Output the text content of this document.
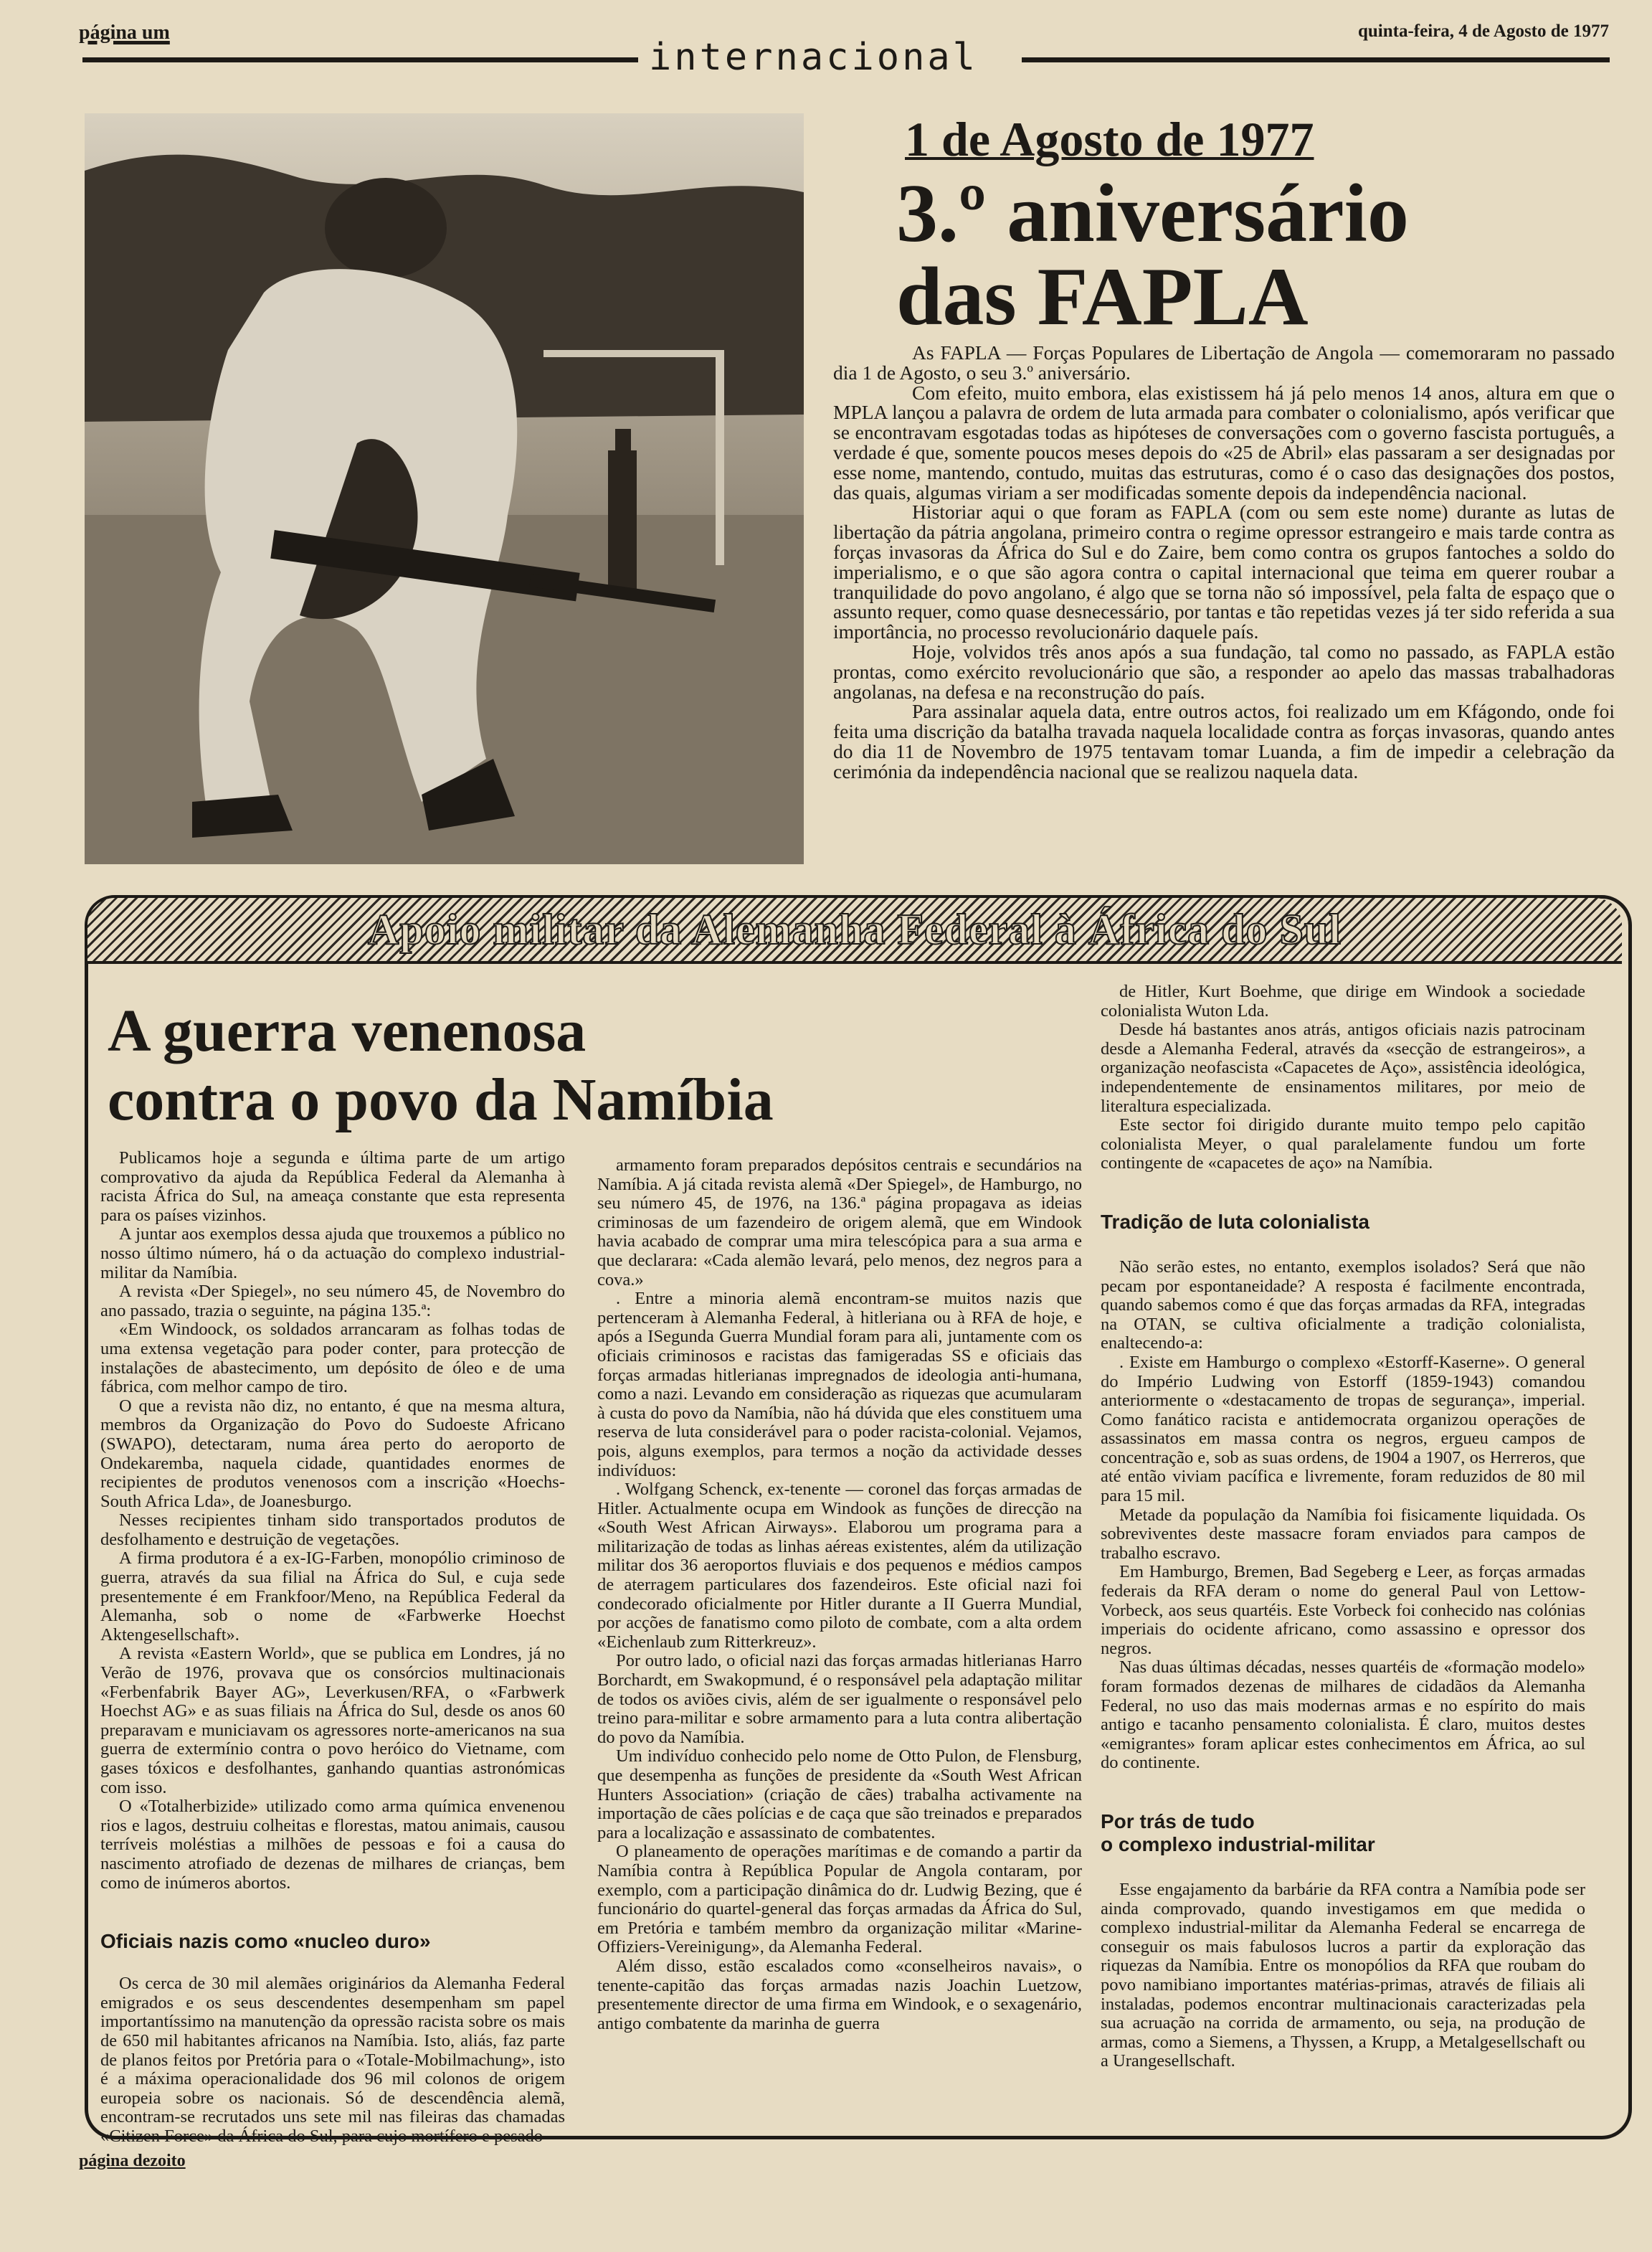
página um
internacional
quinta-feira, 4 de Agosto de 1977
1 de Agosto de 1977
3.º aniversário
das FAPLA

As FAPLA — Forças Populares de Libertação de Angola — comemoraram no passado dia 1 de Agosto, o seu 3.º aniversário.

Com efeito, muito embora, elas existissem há já pelo menos 14 anos, altura em que o MPLA lançou a palavra de ordem de luta armada para combater o colonialismo, após verificar que se encontravam esgotadas todas as hipóteses de conversações com o governo fascista português, a verdade é que, somente poucos meses depois do «25 de Abril» elas passaram a ser designadas por esse nome, mantendo, contudo, muitas das estruturas, como é o caso das designações dos postos, das quais, algumas viriam a ser modificadas somente depois da independência nacional.

Historiar aqui o que foram as FAPLA (com ou sem este nome) durante as lutas de libertação da pátria angolana, primeiro contra o regime opressor estrangeiro e mais tarde contra as forças invasoras da África do Sul e do Zaire, bem como contra os grupos fantoches a soldo do imperialismo, e o que são agora contra o capital internacional que teima em querer roubar a tranquilidade do povo angolano, é algo que se torna não só impossível, pela falta de espaço que o assunto requer, como quase desnecessário, por tantas e tão repetidas vezes já ter sido referida a sua importância, no processo revolucionário daquele país.

Hoje, volvidos três anos após a sua fundação, tal como no passado, as FAPLA estão prontas, como exército revolucionário que são, a responder ao apelo das massas trabalhadoras angolanas, na defesa e na reconstrução do país.

Para assinalar aquela data, entre outros actos, foi realizado um em Kfágondo, onde foi feita uma discrição da batalha travada naquela localidade contra as forças invasoras, quando antes do dia 11 de Novembro de 1975 tentavam tomar Luanda, a fim de impedir a celebração da cerimónia da independência nacional que se realizou naquela data.

Apoio militar da Alemanha Federal à África do Sul
A guerra venenosa
contra o povo da Namíbia

Publicamos hoje a segunda e última parte de um artigo comprovativo da ajuda da República Federal da Alemanha à racista África do Sul, na ameaça constante que esta representa para os países vizinhos.

A juntar aos exemplos dessa ajuda que trouxemos a público no nosso último número, há o da actuação do complexo industrial-militar da Namíbia.

A revista «Der Spiegel», no seu número 45, de Novembro do ano passado, trazia o seguinte, na página 135.ª:

«Em Windoock, os soldados arrancaram as folhas todas de uma extensa vegetação para poder conter, para protecção de instalações de abastecimento, um depósito de óleo e de uma fábrica, com melhor campo de tiro.

O que a revista não diz, no entanto, é que na mesma altura, membros da Organização do Povo do Sudoeste Africano (SWAPO), detectaram, numa área perto do aeroporto de Ondekaremba, naquela cidade, quantidades enormes de recipientes de produtos venenosos com a inscrição «Hoechs-South Africa Lda», de Joanesburgo.

Nesses recipientes tinham sido transportados produtos de desfolhamento e destruição de vegetações.

A firma produtora é a ex-IG-Farben, monopólio criminoso de guerra, através da sua filial na África do Sul, e cuja sede presentemente é em Frankfoor/Meno, na República Federal da Alemanha, sob o nome de «Farbwerke Hoechst Aktengesellschaft».

A revista «Eastern World», que se publica em Londres, já no Verão de 1976, provava que os consórcios multinacionais «Ferbenfabrik Bayer AG», Leverkusen/RFA, o «Farbwerk Hoechst AG» e as suas filiais na África do Sul, desde os anos 60 preparavam e municiavam os agressores norte-americanos na sua guerra de extermínio contra o povo heróico do Vietname, com gases tóxicos e desfolhantes, ganhando quantias astronómicas com isso.

O «Totalherbizide» utilizado como arma química envenenou rios e lagos, destruiu colheitas e florestas, matou animais, causou terríveis moléstias a milhões de pessoas e foi a causa do nascimento atrofiado de dezenas de milhares de crianças, bem como de inúmeros abortos.

Oficiais nazis como «nucleo duro»

Os cerca de 30 mil alemães originários da Alemanha Federal emigrados e os seus descendentes desempenham sm papel importantíssimo na manutenção da opressão racista sobre os mais de 650 mil habitantes africanos na Namíbia. Isto, aliás, faz parte de planos feitos por Pretória para o «Totale-Mobilmachung», isto é a máxima operacionalidade dos 96 mil colonos de origem europeia sobre os nacionais. Só de descendência alemã, encontram-se recrutados uns sete mil nas fileiras das chamadas «Citizen Force» da África do Sul, para cujo mortífero e pesado

armamento foram preparados depósitos centrais e secundários na Namíbia. A já citada revista alemã «Der Spiegel», de Hamburgo, no seu número 45, de 1976, na 136.ª página propagava as ideias criminosas de um fazendeiro de origem alemã, que em Windook havia acabado de comprar uma mira telescópica para a sua arma e que declarara: «Cada alemão levará, pelo menos, dez negros para a cova.»

. Entre a minoria alemã encontram-se muitos nazis que pertenceram à Alemanha Federal, à hitleriana ou à RFA de hoje, e após a ISegunda Guerra Mundial foram para ali, juntamente com os oficiais criminosos e racistas das famigeradas SS e oficiais das forças armadas hitlerianas impregnados de ideologia anti-humana, como a nazi. Levando em consideração as riquezas que acumularam à custa do povo da Namíbia, não há dúvida que eles constituem uma reserva de luta considerável para o poder racista-colonial. Vejamos, pois, alguns exemplos, para termos a noção da actividade desses indivíduos:

. Wolfgang Schenck, ex-tenente — coronel das forças armadas de Hitler. Actualmente ocupa em Windook as funções de direcção na «South West African Airways». Elaborou um programa para a militarização de todas as linhas aéreas existentes, além da utilização militar dos 36 aeroportos fluviais e dos pequenos e médios campos de aterragem particulares dos fazendeiros. Este oficial nazi foi condecorado oficialmente por Hitler durante a II Guerra Mundial, por acções de fanatismo como piloto de combate, com a alta ordem «Eichenlaub zum Ritterkreuz».

Por outro lado, o oficial nazi das forças armadas hitlerianas Harro Borchardt, em Swakopmund, é o responsável pela adaptação militar de todos os aviões civis, além de ser igualmente o responsável pelo treino para-militar e sobre armamento para a luta contra alibertação do povo da Namíbia.

Um indivíduo conhecido pelo nome de Otto Pulon, de Flensburg, que desempenha as funções de presidente da «South West African Hunters Association» (criação de cães) trabalha activamente na importação de cães polícias e de caça que são treinados e preparados para a localização e assassinato de combatentes.

O planeamento de operações marítimas e de comando a partir da Namíbia contra à República Popular de Angola contaram, por exemplo, com a participação dinâmica do dr. Ludwig Bezing, que é funcionário do quartel-general das forças armadas da África do Sul, em Pretória e também membro da organização militar «Marine-Offiziers-Vereinigung», da Alemanha Federal.

Além disso, estão escalados como «conselheiros navais», o tenente-capitão das forças armadas nazis Joachin Luetzow, presentemente director de uma firma em Windook, e o sexagenário, antigo combatente da marinha de guerra

de Hitler, Kurt Boehme, que dirige em Windook a sociedade colonialista Wuton Lda.

Desde há bastantes anos atrás, antigos oficiais nazis patrocinam desde a Alemanha Federal, através da «secção de estrangeiros», a organização neofascista «Capacetes de Aço», assistência ideológica, independentemente de ensinamentos militares, por meio de literaltura especializada.

Este sector foi dirigido durante muito tempo pelo capitão colonialista Meyer, o qual paralelamente fundou um forte contingente de «capacetes de aço» na Namíbia.

Tradição de luta colonialista

Não serão estes, no entanto, exemplos isolados? Será que não pecam por espontaneidade? A resposta é facilmente encontrada, quando sabemos como é que das forças armadas da RFA, integradas na OTAN, se cultiva oficialmente a tradição colonialista, enaltecendo-a:

. Existe em Hamburgo o complexo «Estorff-Kaserne». O general do Império Ludwing von Estorff (1859-1943) comandou anteriormente o «destacamento de tropas de segurança», imperial. Como fanático racista e antidemocrata organizou operações de assassinatos em massa contra os negros, ergueu campos de concentração e, sob as suas ordens, de 1904 a 1907, os Herreros, que até então viviam pacífica e livremente, foram reduzidos de 80 mil para 15 mil.

Metade da população da Namíbia foi fisicamente liquidada. Os sobreviventes deste massacre foram enviados para campos de trabalho escravo.

Em Hamburgo, Bremen, Bad Segeberg e Leer, as forças armadas federais da RFA deram o nome do general Paul von Lettow-Vorbeck, aos seus quartéis. Este Vorbeck foi conhecido nas colónias imperiais do ocidente africano, como assassino e opressor dos negros.

Nas duas últimas décadas, nesses quartéis de «formação modelo» foram formados dezenas de milhares de cidadãos da Alemanha Federal, no uso das mais modernas armas e no espírito do mais antigo e tacanho pensamento colonialista. É claro, muitos destes «emigrantes» foram aplicar estes conhecimentos em África, ao sul do continente.

Por trás de tudo

o complexo industrial-militar

Esse engajamento da barbárie da RFA contra a Namíbia pode ser ainda comprovado, quando investigamos em que medida o complexo industrial-militar da Alemanha Federal se encarrega de conseguir os mais fabulosos lucros a partir da exploração das riquezas da Namíbia. Entre os monopólios da RFA que roubam do povo namibiano importantes matérias-primas, através de filiais ali instaladas, podemos encontrar multinacionais caracterizadas pela sua acruação na corrida de armamento, ou seja, na produção de armas, como a Siemens, a Thyssen, a Krupp, a Metalgesellschaft ou a Urangesellschaft.

página dezoito
